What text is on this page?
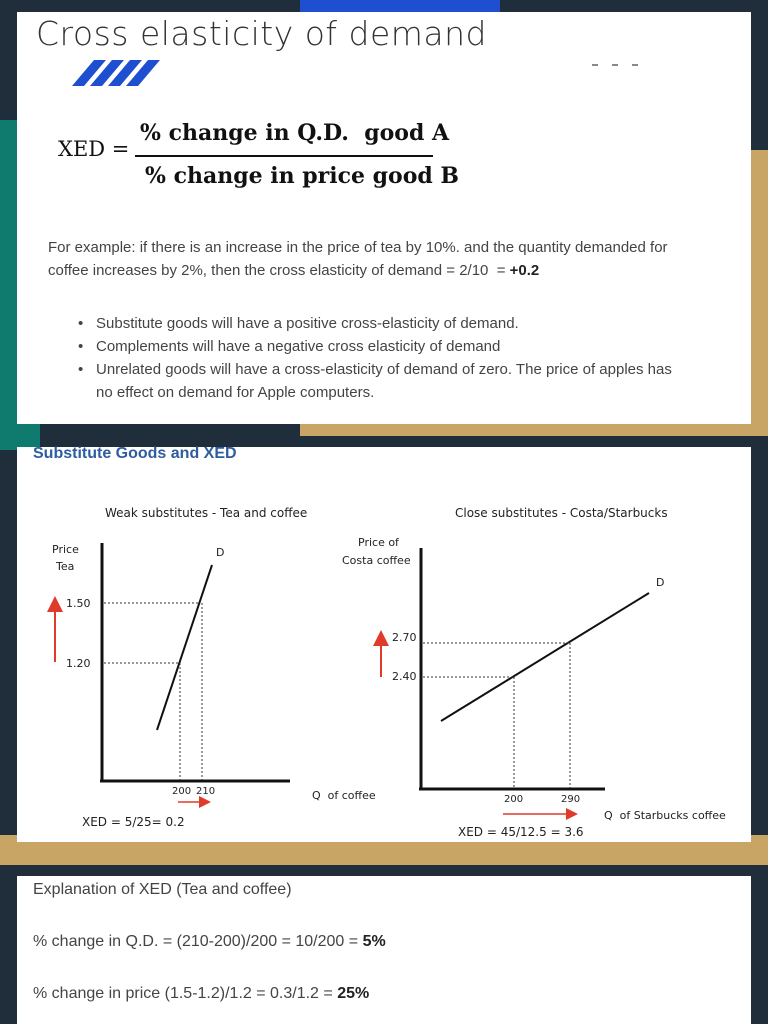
Cross elasticity of demand
XED =
% change in Q.D.  good A
% change in price good B
For example: if there is an increase in the price of tea by 10%. and the quantity demanded for
coffee increases by 2%, then the cross elasticity of demand = 2/10  = +0.2
• Substitute goods will have a positive cross-elasticity of demand.
• Complements will have a negative cross elasticity of demand
• Unrelated goods will have a cross-elasticity of demand of zero. The price of apples has
no effect on demand for Apple computers.
Substitute Goods and XED
Weak substitutes - Tea and coffee
Price
Tea
D
1.50
1.20
200 210	Q  of coffee
XED = 5/25= 0.2
Close substitutes - Costa/Starbucks
Price of
Costa coffee
D
2.70
2.40
200	290
Q  of Starbucks coffee
XED = 45/12.5 = 3.6
Explanation of XED (Tea and coffee)
% change in Q.D. = (210-200)/200 = 10/200 = 5%
% change in price (1.5-1.2)/1.2 = 0.3/1.2 = 25%
